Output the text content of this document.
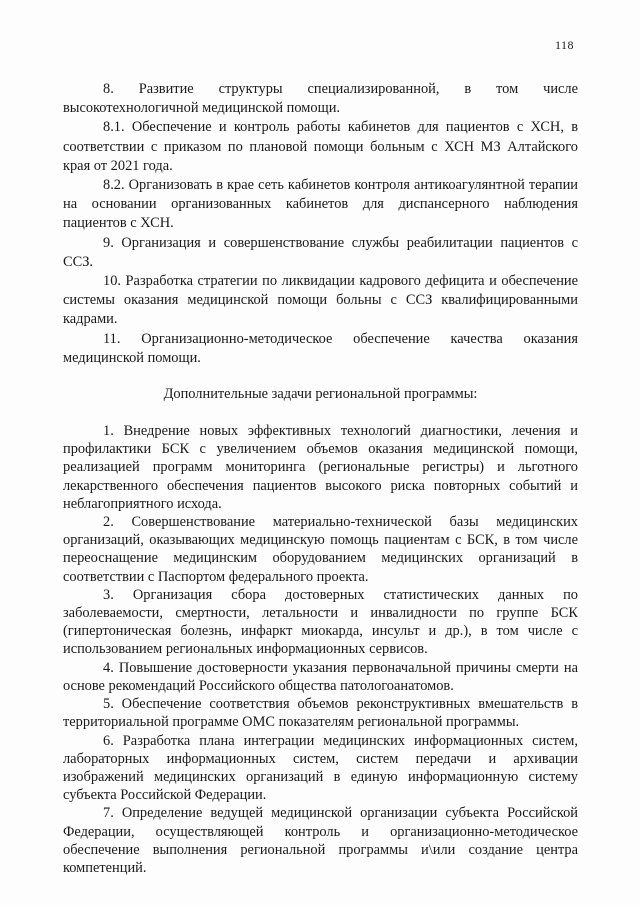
118

8. Развитие структуры специализированной, в том числе высокотехнологичной медицинской помощи.

8.1. Обеспечение и контроль работы кабинетов для пациентов с ХСН, в соответствии с приказом по плановой помощи больным с ХСН МЗ Алтайского края от 2021 года.

8.2. Организовать в крае сеть кабинетов контроля антикоагулянтной терапии на основании организованных кабинетов для диспансерного наблюдения пациентов с ХСН.

9. Организация и совершенствование службы реабилитации пациентов с ССЗ.

10. Разработка стратегии по ликвидации кадрового дефицита и обеспечение системы оказания медицинской помощи больны с ССЗ квалифицированными кадрами.

11. Организационно-методическое обеспечение качества оказания медицинской помощи.

Дополнительные задачи региональной программы:

1. Внедрение новых эффективных технологий диагностики, лечения и профилактики БСК с увеличением объемов оказания медицинской помощи, реализацией программ мониторинга (региональные регистры) и льготного лекарственного обеспечения пациентов высокого риска повторных событий и неблагоприятного исхода.

2. Совершенствование материально-технической базы медицинских организаций, оказывающих медицинскую помощь пациентам с БСК, в том числе переоснащение медицинским оборудованием медицинских организаций в соответствии с Паспортом федерального проекта.

3. Организация сбора достоверных статистических данных по заболеваемости, смертности, летальности и инвалидности по группе БСК (гипертоническая болезнь, инфаркт миокарда, инсульт и др.), в том числе с использованием региональных информационных сервисов.

4. Повышение достоверности указания первоначальной причины смерти на основе рекомендаций Российского общества патологоанатомов.

5. Обеспечение соответствия объемов реконструктивных вмешательств в территориальной программе ОМС показателям региональной программы.

6. Разработка плана интеграции медицинских информационных систем, лабораторных информационных систем, систем передачи и архивации изображений медицинских организаций в единую информационную систему субъекта Российской Федерации.

7. Определение ведущей медицинской организации субъекта Российской Федерации, осуществляющей контроль и организационно-методическое обеспечение выполнения региональной программы и\или создание центра компетенций.
